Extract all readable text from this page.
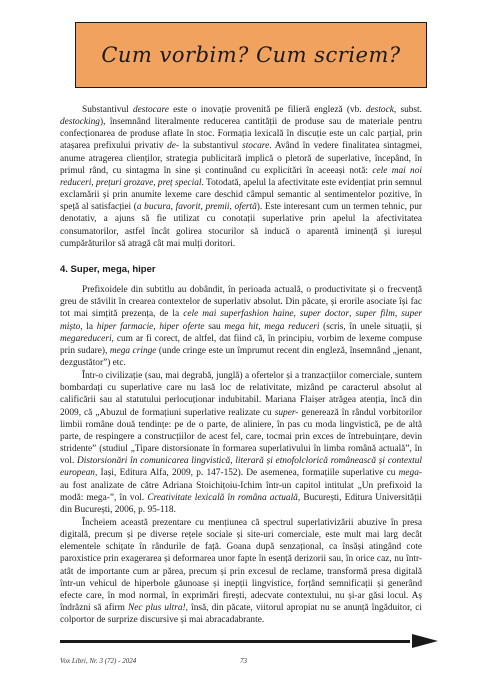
Cum vorbim? Cum scriem?

Substantivul destocare este o inovație provenită pe filieră engleză (vb. destock, subst. destocking), însemnând literalmente reducerea cantității de produse sau de materiale pentru confecționarea de produse aflate în stoc. Formația lexicală în discuție este un calc parțial, prin atașarea prefixului privativ de- la substantivul stocare. Având în vedere finalitatea sintagmei, anume atragerea clienților, strategia publicitară implică o pletoră de superlative, începând, în primul rând, cu sintagma în sine și continuând cu explicitări în aceeași notă: cele mai noi reduceri, prețuri grozave, preț special. Totodată, apelul la afectivitate este evidențiat prin semnul exclamării și prin anumite lexeme care deschid câmpul semantic al sentimentelor pozitive, în speță al satisfacției (a bucura, favorit, premii, ofertă). Este interesant cum un termen tehnic, pur denotativ, a ajuns să fie utilizat cu conotații superlative prin apelul la afectivitatea consumatorilor, astfel încât golirea stocurilor să inducă o aparentă iminență și iureșul cumpărăturilor să atragă cât mai mulți doritori.

4. Super, mega, hiper

Prefixoidele din subtitlu au dobândit, în perioada actuală, o productivitate și o frecvență greu de stăvilit în crearea contextelor de superlativ absolut. Din păcate, și erorile asociate își fac tot mai simțită prezența, de la cele mai superfashion haine, super doctor, super film, super mișto, la hiper farmacie, hiper oferte sau mega hit, mega reduceri (scris, în unele situații, și megareduceri, cum ar fi corect, de altfel, dat fiind că, în principiu, vorbim de lexeme compuse prin sudare), mega cringe (unde cringe este un împrumut recent din engleză, însemnând „jenant, dezgustător”) etc.

Într-o civilizație (sau, mai degrabă, junglă) a ofertelor și a tranzacțiilor comerciale, suntem bombardați cu superlative care nu lasă loc de relativitate, mizând pe caracterul absolut al calificării sau al statutului perlocuționar indubitabil. Mariana Flaișer atrăgea atenția, încă din 2009, că „Abuzul de formațiuni superlative realizate cu super- generează în rândul vorbitorilor limbii române două tendințe: pe de o parte, de aliniere, în pas cu moda lingvistică, pe de altă parte, de respingere a construcțiilor de acest fel, care, tocmai prin exces de întrebuințare, devin stridente” (studiul „Tipare distorsionate în formarea superlativului în limba română actuală”, în vol. Distorsionări în comunicarea lingvistică, literară și etnofolclorică românească și contextul european, Iași, Editura Alfa, 2009, p. 147-152). De asemenea, formațiile superlative cu mega- au fost analizate de către Adriana Stoichițoiu-Ichim într-un capitol intitulat „Un prefixoid la modă: mega-”, în vol. Creativitate lexicală în româna actuală, București, Editura Universității din București, 2006, p. 95-118.

Încheiem această prezentare cu mențiunea că spectrul superlativizării abuzive în presa digitală, precum și pe diverse rețele sociale și site-uri comerciale, este mult mai larg decât elementele schițate în rândurile de față. Goana după senzațional, ca însăși atingând cote paroxistice prin exagerarea și deformarea unor fapte în esență derizorii sau, în orice caz, nu într-atât de importante cum ar părea, precum și prin excesul de reclame, transformă presa digitală într-un vehicul de hiperbole găunoase și inepții lingvistice, forțând semnificații și generând efecte care, în mod normal, în exprimări firești, adecvate contextului, nu și-ar găsi locul. Aș îndrăzni să afirm Nec plus ultra!, însă, din păcate, viitorul apropiat nu se anunță îngăduitor, ci colportor de surprize discursive și mai abracadabrante.

Vox Libri, Nr. 3 (72) - 2024	73
